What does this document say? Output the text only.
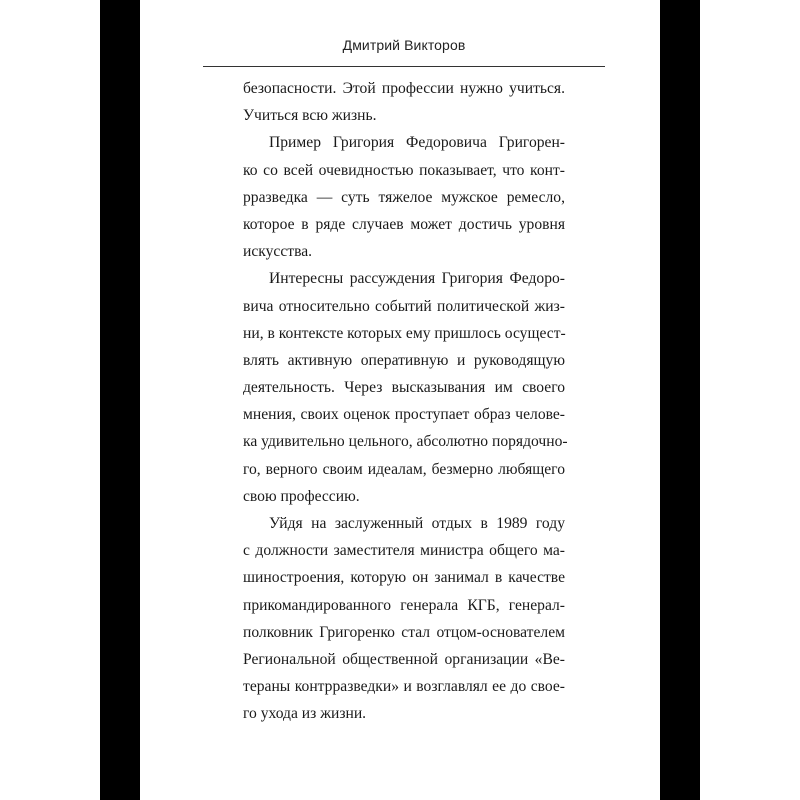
Дмитрий Викторов
безопасности. Этой профессии нужно учиться.
Учиться всю жизнь.
Пример Григория Федоровича Григорен-
ко со всей очевидностью показывает, что конт-
рразведка — суть тяжелое мужское ремесло,
которое в ряде случаев может достичь уровня
искусства.
Интересны рассуждения Григория Федоро-
вича относительно событий политической жиз-
ни, в контексте которых ему пришлось осущест-
влять активную оперативную и руководящую
деятельность. Через высказывания им своего
мнения, своих оценок проступает образ челове-
ка удивительно цельного, абсолютно порядочно-
го, верного своим идеалам, безмерно любящего
свою профессию.
Уйдя на заслуженный отдых в 1989 году
с должности заместителя министра общего ма-
шиностроения, которую он занимал в качестве
прикомандированного генерала КГБ, генерал-
полковник Григоренко стал отцом-основателем
Региональной общественной организации «Ве-
тераны контрразведки» и возглавлял ее до свое-
го ухода из жизни.
